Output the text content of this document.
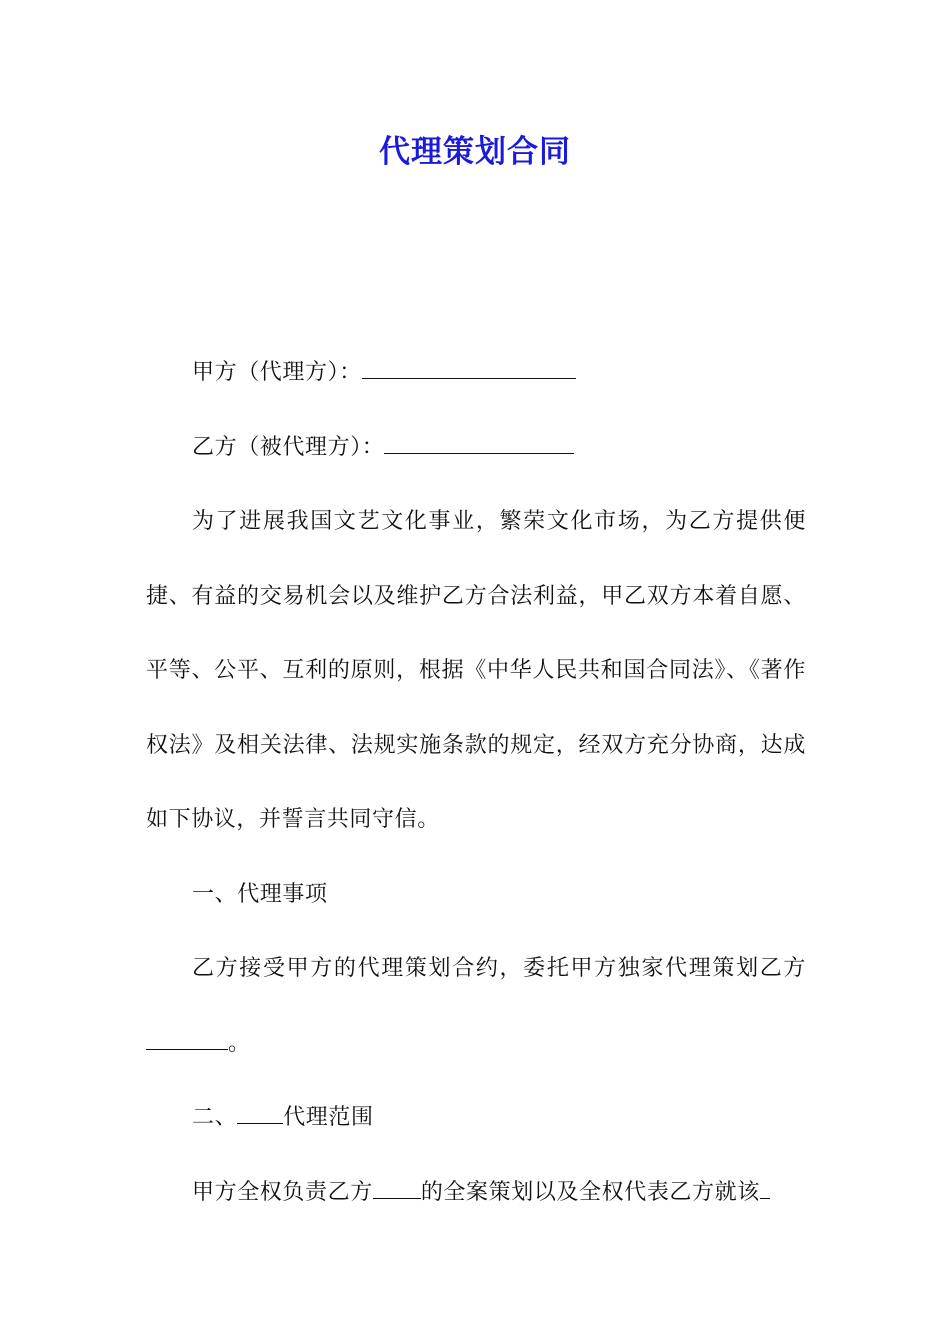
代理策划合同

甲方（代理方）：

乙方（被代理方）：

为了进展我国文艺文化事业，繁荣文化市场，为乙方提供便捷、有益的交易机会以及维护乙方合法利益，甲乙双方本着自愿、平等、公平、互利的原则，根据《中华人民共和国合同法》、《著作权法》及相关法律、法规实施条款的规定，经双方充分协商，达成如下协议，并誓言共同守信。

一、代理事项

乙方接受甲方的代理策划合约，委托甲方独家代理策划乙方。

二、 代理范围

甲方全权负责乙方 的全案策划以及全权代表乙方就该
